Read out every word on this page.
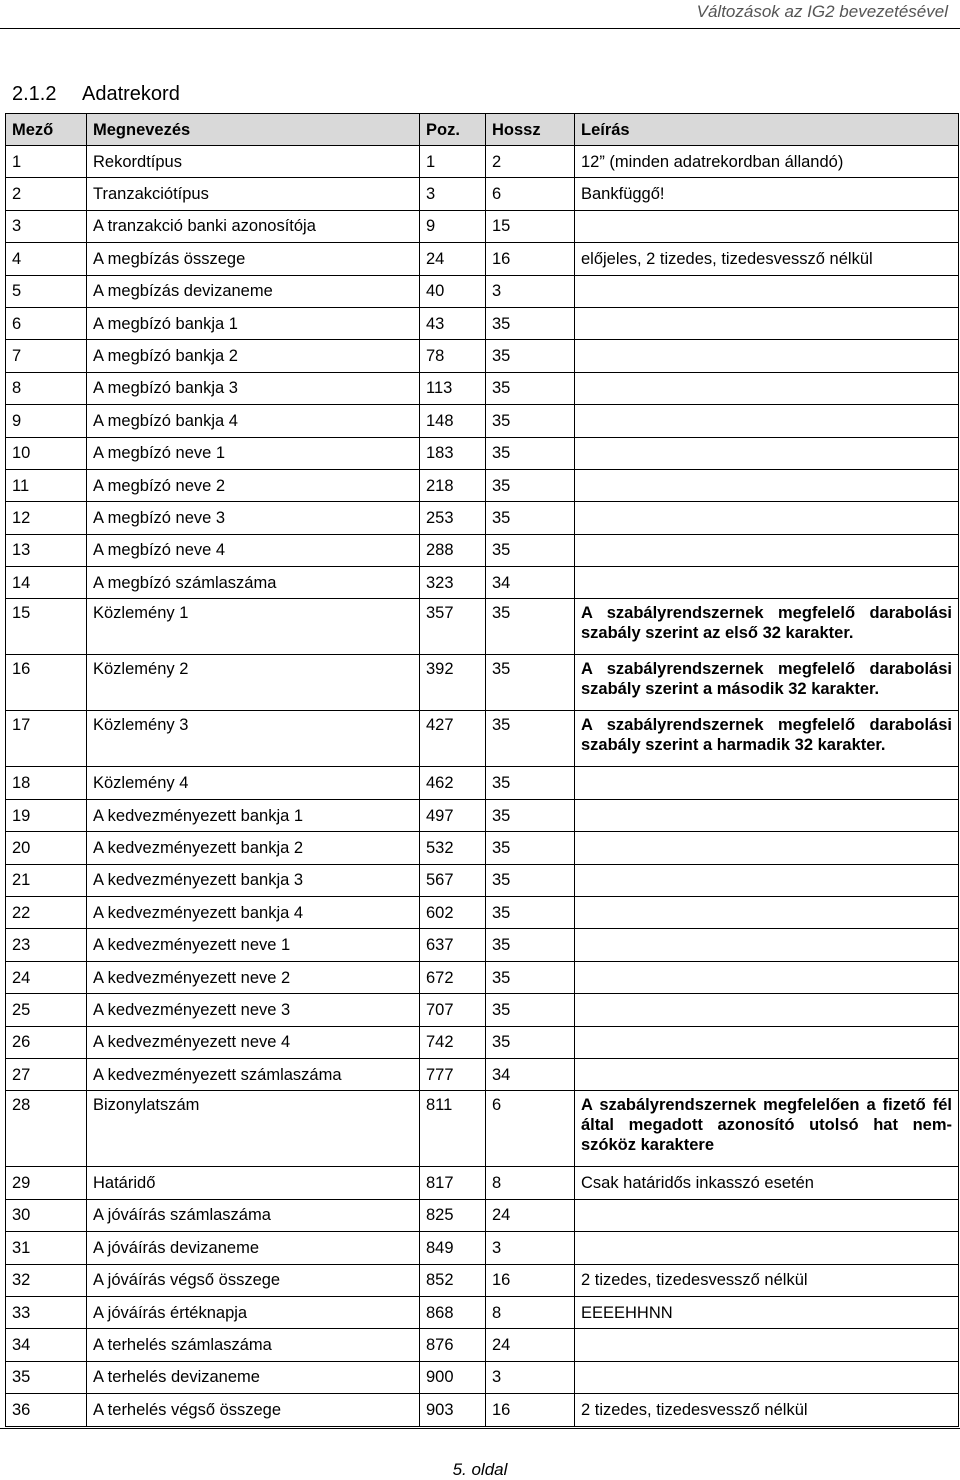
Változások az IG2 bevezetésével
2.1.2 Adatrekord
Mező	Megnevezés	Poz.	Hossz	Leírás
1	Rekordtípus	1	2	12” (minden adatrekordban állandó)
2	Tranzakciótípus	3	6	Bankfüggő!
3	A tranzakció banki azonosítója	9	15	
4	A megbízás összege	24	16	előjeles, 2 tizedes, tizedesvessző nélkül
5	A megbízás devizaneme	40	3	
6	A megbízó bankja 1	43	35	
7	A megbízó bankja 2	78	35	
8	A megbízó bankja 3	113	35	
9	A megbízó bankja 4	148	35	
10	A megbízó neve 1	183	35	
11	A megbízó neve 2	218	35	
12	A megbízó neve 3	253	35	
13	A megbízó neve 4	288	35	
14	A megbízó számlaszáma	323	34	
15	Közlemény 1	357	35	A szabályrendszernek megfelelő darabolási szabály szerint az első 32 karakter.
16	Közlemény 2	392	35	A szabályrendszernek megfelelő darabolási szabály szerint a második 32 karakter.
17	Közlemény 3	427	35	A szabályrendszernek megfelelő darabolási szabály szerint a harmadik 32 karakter.
18	Közlemény 4	462	35	
19	A kedvezményezett bankja 1	497	35	
20	A kedvezményezett bankja 2	532	35	
21	A kedvezményezett bankja 3	567	35	
22	A kedvezményezett bankja 4	602	35	
23	A kedvezményezett neve 1	637	35	
24	A kedvezményezett neve 2	672	35	
25	A kedvezményezett neve 3	707	35	
26	A kedvezményezett neve 4	742	35	
27	A kedvezményezett számlaszáma	777	34	
28	Bizonylatszám	811	6	A szabályrendszernek megfelelően a fizető fél által megadott azonosító utolsó hat nem-szóköz karaktere
29	Határidő	817	8	Csak határidős inkasszó esetén
30	A jóváírás számlaszáma	825	24	
31	A jóváírás devizaneme	849	3	
32	A jóváírás végső összege	852	16	2 tizedes, tizedesvessző nélkül
33	A jóváírás értéknapja	868	8	EEEEHHNN
34	A terhelés számlaszáma	876	24	
35	A terhelés devizaneme	900	3	
36	A terhelés végső összege	903	16	2 tizedes, tizedesvessző nélkül
5. oldal
